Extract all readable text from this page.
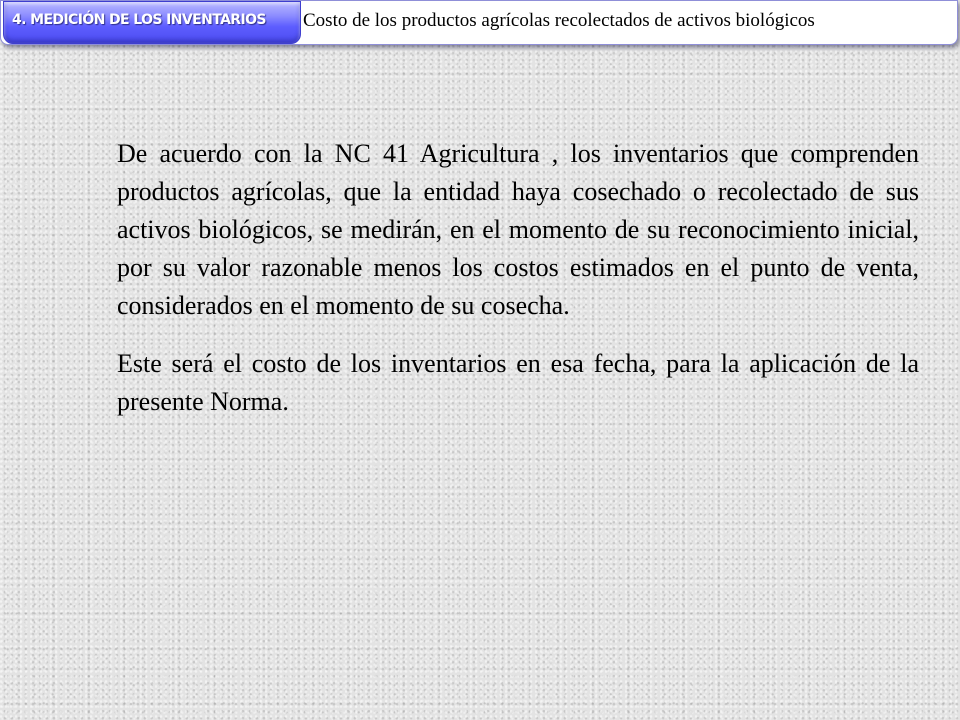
4. MEDICIÓN DE LOS INVENTARIOS Costo de los productos agrícolas recolectados de activos biológicos

De acuerdo con la NC 41 Agricultura , los inventarios que comprenden productos agrícolas, que la entidad haya cosechado o recolectado de sus activos biológicos, se medirán, en el momento de su reconocimiento inicial, por su valor razonable menos los costos estimados en el punto de venta, considerados en el momento de su cosecha.

Este será el costo de los inventarios en esa fecha, para la aplicación de la presente Norma.
